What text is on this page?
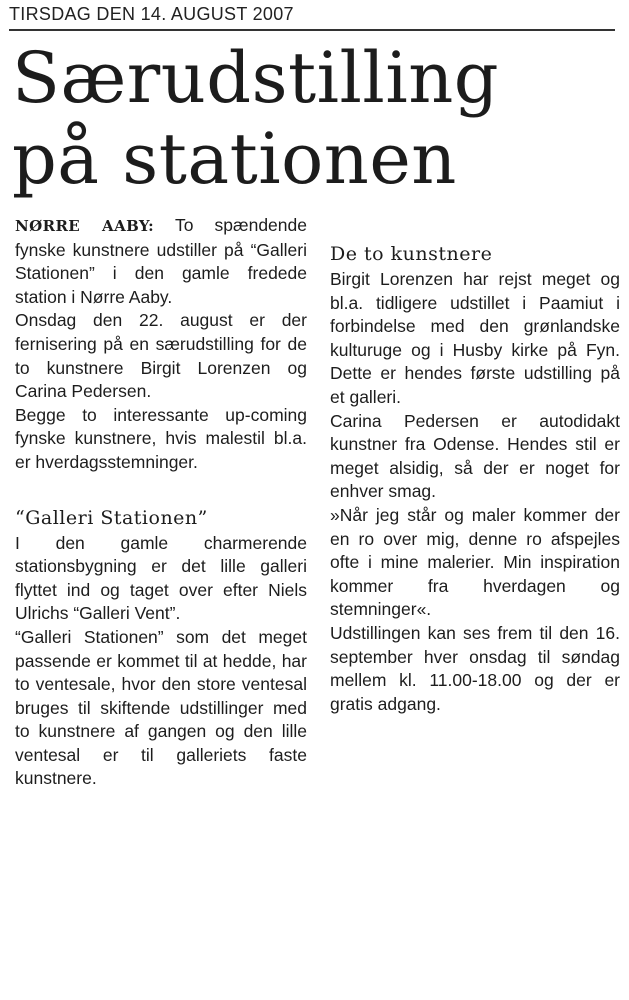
TIRSDAG DEN 14. AUGUST 2007
Særudstilling
på stationen

NØRRE AABY: To spændende fynske kunstnere udstiller på “Galleri Stationen” i den gamle fredede station i Nørre Aaby.

Onsdag den 22. august er der fernisering på en særudstilling for de to kunstnere Birgit Lorenzen og Carina Pedersen.

Begge to interessante up-coming fynske kunstnere, hvis malestil bl.a. er hverdagsstemninger.

“Galleri Stationen”

I den gamle charmerende stationsbygning er det lille galleri flyttet ind og taget over efter Niels Ulrichs “Galleri Vent”.

“Galleri Stationen” som det meget passende er kommet til at hedde, har to ventesale, hvor den store ventesal bruges til skiftende udstillinger med to kunstnere af gangen og den lille ventesal er til galleriets faste kunstnere.

De to kunstnere

Birgit Lorenzen har rejst meget og bl.a. tidligere udstillet i Paamiut i forbindelse med den grønlandske kulturuge og i Husby kirke på Fyn. Dette er hendes første udstilling på et galleri.

Carina Pedersen er autodidakt kunstner fra Odense. Hendes stil er meget alsidig, så der er noget for enhver smag.

»Når jeg står og maler kommer der en ro over mig, denne ro afspejles ofte i mine malerier. Min inspiration kommer fra hverdagen og stemninger«.

Udstillingen kan ses frem til den 16. september hver onsdag til søndag mellem kl. 11.00-18.00 og der er gratis adgang.
